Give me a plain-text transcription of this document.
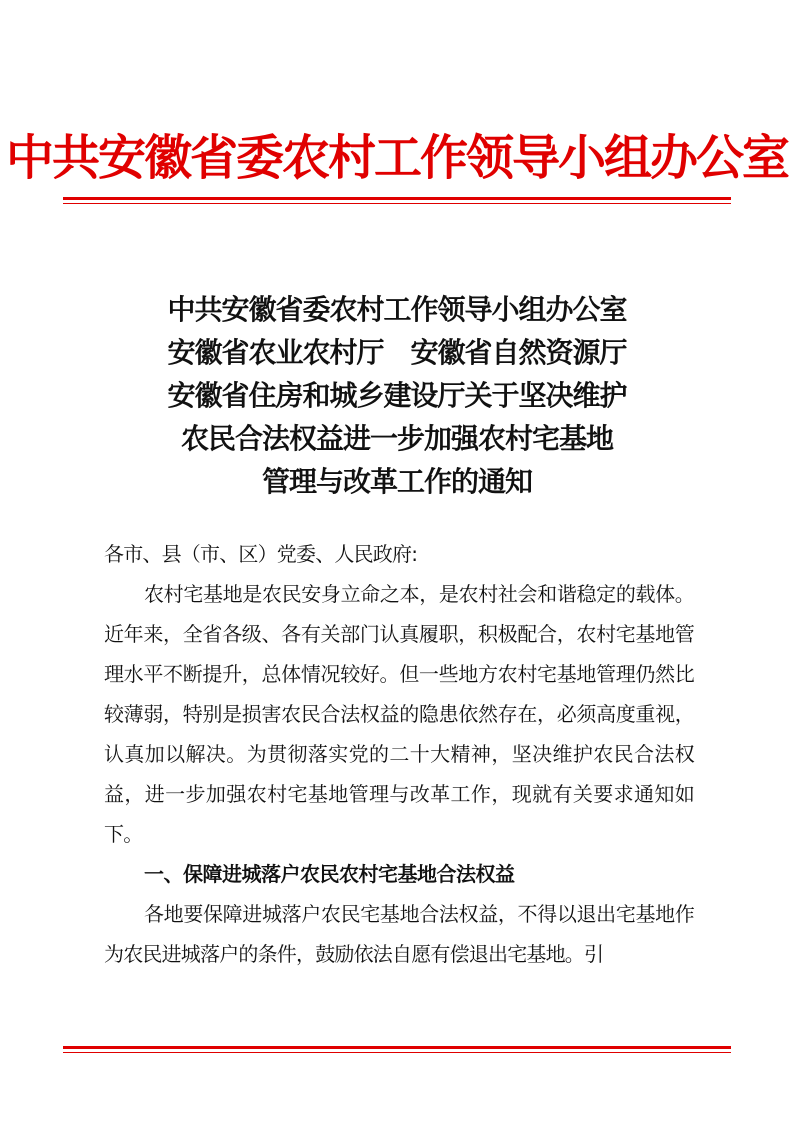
中共安徽省委农村工作领导小组办公室
中共安徽省委农村工作领导小组办公室
安徽省农业农村厅　安徽省自然资源厅
安徽省住房和城乡建设厅关于坚决维护
农民合法权益进一步加强农村宅基地
管理与改革工作的通知

各市、县（市、区）党委、人民政府:

农村宅基地是农民安身立命之本，是农村社会和谐稳定的载体。近年来，全省各级、各有关部门认真履职，积极配合，农村宅基地管理水平不断提升，总体情况较好。但一些地方农村宅基地管理仍然比较薄弱，特别是损害农民合法权益的隐患依然存在，必须高度重视，认真加以解决。为贯彻落实党的二十大精神，坚决维护农民合法权益，进一步加强农村宅基地管理与改革工作，现就有关要求通知如下。

一、保障进城落户农民农村宅基地合法权益

各地要保障进城落户农民宅基地合法权益，不得以退出宅基地作为农民进城落户的条件，鼓励依法自愿有偿退出宅基地。引
